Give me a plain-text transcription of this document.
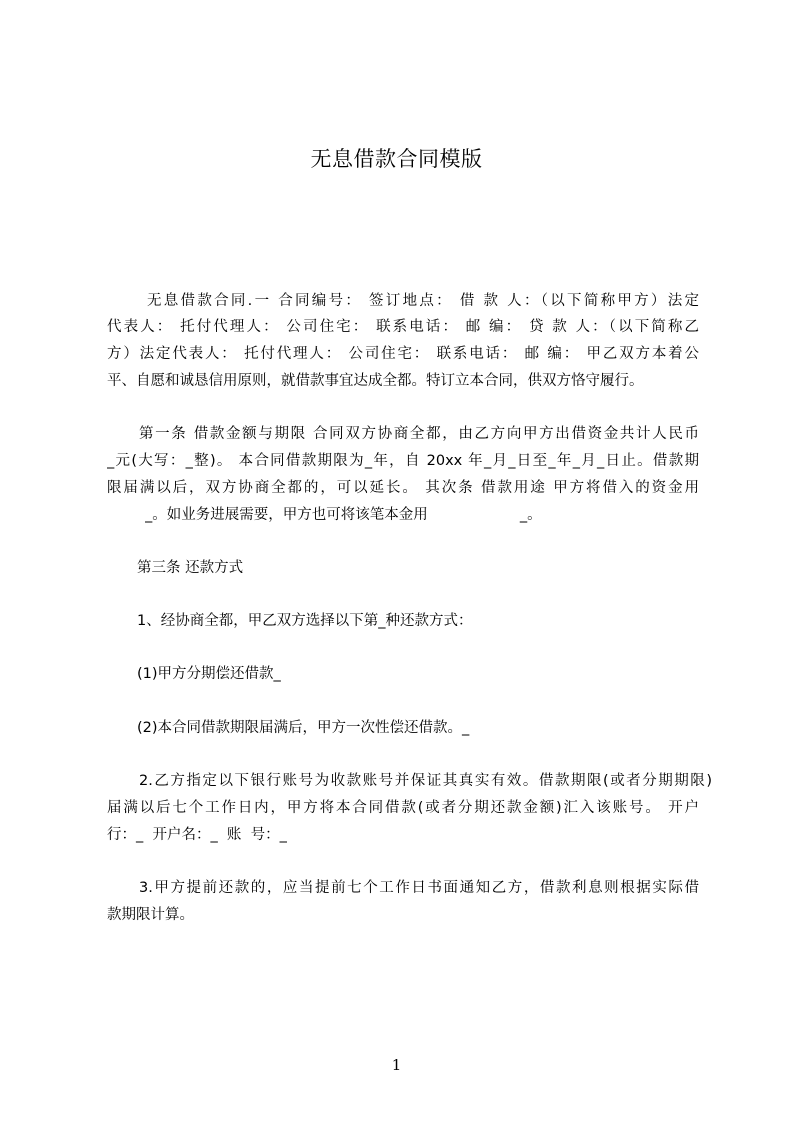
无息借款合同模版
无息借款合同.一 合同编号： 签订地点： 借 款 人：（以下简称甲方）法定
代表人： 托付代理人： 公司住宅： 联系电话： 邮 编： 贷 款 人：（以下简称乙
方）法定代表人： 托付代理人： 公司住宅： 联系电话： 邮 编： 甲乙双方本着公
平、自愿和诚恳信用原则，就借款事宜达成全都。特订立本合同，供双方恪守履行。
第一条 借款金额与期限 合同双方协商全都，由乙方向甲方出借资金共计人民币
_元(大写：_整)。 本合同借款期限为_年，自 20xx 年_月_日至_年_月_日止。借款期
限届满以后，双方协商全都的，可以延长。 其次条 借款用途 甲方将借入的资金用
_。如业务进展需要，甲方也可将该笔本金用                    _。
第三条 还款方式
1、经协商全都，甲乙双方选择以下第_种还款方式：
(1)甲方分期偿还借款_
(2)本合同借款期限届满后，甲方一次性偿还借款。_
2.乙方指定以下银行账号为收款账号并保证其真实有效。借款期限(或者分期期限)
届满以后七个工作日内，甲方将本合同借款(或者分期还款金额)汇入该账号。 开户
行：_  开户名：_  账  号：_
3.甲方提前还款的，应当提前七个工作日书面通知乙方，借款利息则根据实际借
款期限计算。
1
